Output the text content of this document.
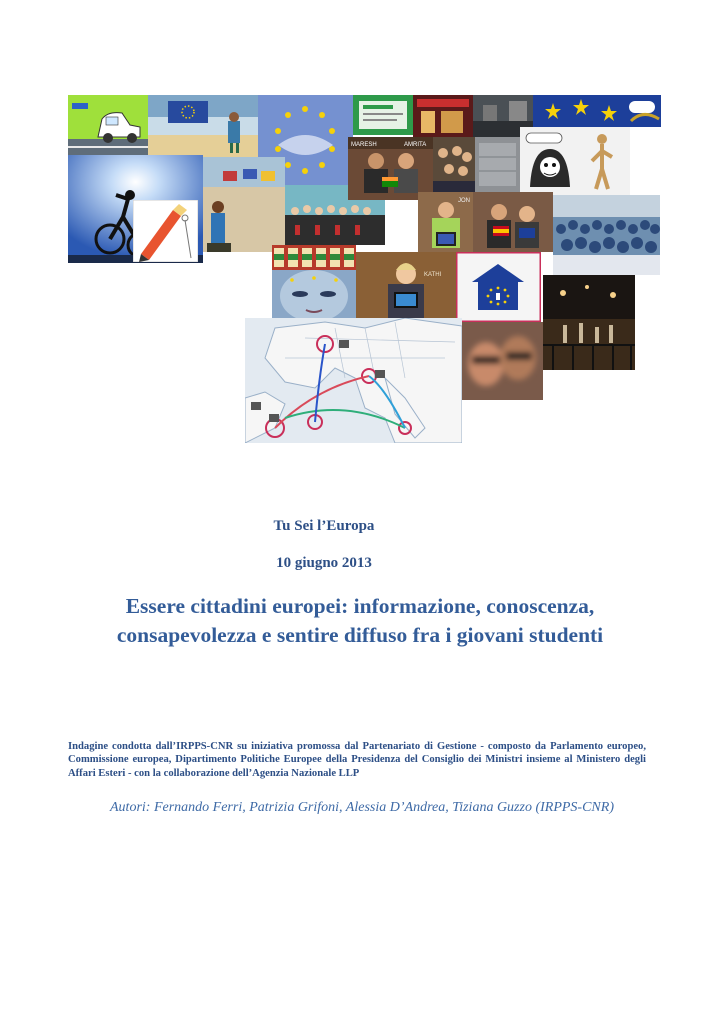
MARESH	AMRITA
JON
KATHI

Tu Sei l’Europa

10 giugno 2013

Essere cittadini europei: informazione, conoscenza,
consapevolezza e sentire diffuso fra i giovani studenti

Indagine condotta dall’IRPPS-CNR su iniziativa promossa dal Partenariato di Gestione - composto da Parlamento europeo, Commissione europea, Dipartimento Politiche Europee della Presidenza del Consiglio dei Ministri insieme al Ministero degli Affari Esteri - con la collaborazione dell’Agenzia Nazionale LLP

Autori: Fernando Ferri, Patrizia Grifoni, Alessia D’Andrea, Tiziana Guzzo (IRPPS-CNR)
